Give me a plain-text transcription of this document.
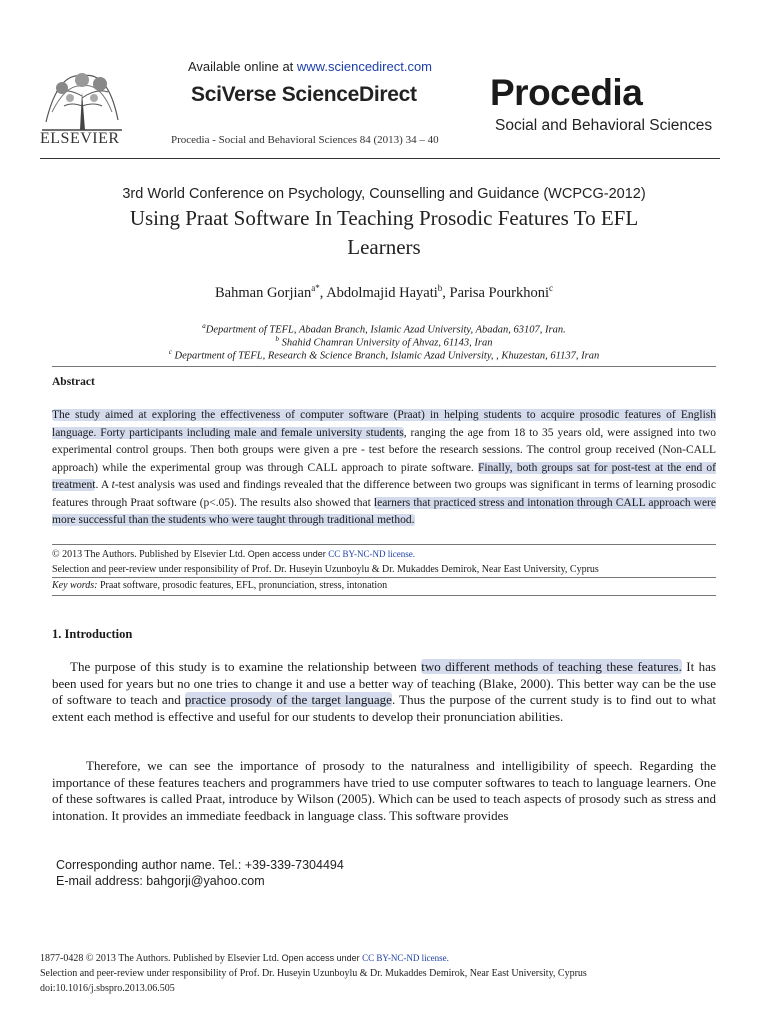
ELSEVIER
Available online at www.sciencedirect.com
SciVerse ScienceDirect
Procedia - Social and Behavioral Sciences 84 (2013) 34 – 40
Procedia
Social and Behavioral Sciences
3rd World Conference on Psychology, Counselling and Guidance (WCPCG-2012)
Using Praat Software In Teaching Prosodic Features To EFL
Learners
Bahman Gorjian$^{a*}$, Abdolmajid Hayati$^b$, Parisa Pourkhoni$^c$
$^a$Department of TEFL, Abadan Branch, Islamic Azad University, Abadan, 63107, Iran.
$^b$ Shahid Chamran University of Ahvaz, 61143, Iran
$^c$ Department of TEFL, Research & Science Branch, Islamic Azad University, , Khuzestan, 61137, Iran
Abstract
The study aimed at exploring the effectiveness of computer software (Praat) in helping students to acquire prosodic features of English language. Forty participants including male and female university students, ranging the age from 18 to 35 years old, were assigned into two experimental control groups. Then both groups were given a pre - test before the research sessions. The control group received (Non-CALL approach) while the experimental group was through CALL approach to pirate software. Finally, both groups sat for post-test at the end of treatment. A t-test analysis was used and findings revealed that the difference between two groups was significant in terms of learning prosodic features through Praat software (p<.05). The results also showed that learners that practiced stress and intonation through CALL approach were more successful than the students who were taught through traditional method.
© 2013 The Authors. Published by Elsevier Ltd. Open access under CC BY-NC-ND license.
Selection and peer-review under responsibility of Prof. Dr. Huseyin Uzunboylu & Dr. Mukaddes Demirok, Near East University, Cyprus
Key words: Praat software, prosodic features, EFL, pronunciation, stress, intonation
1. Introduction
The purpose of this study is to examine the relationship between two different methods of teaching these features. It has been used for years but no one tries to change it and use a better way of teaching (Blake, 2000). This better way can be the use of software to teach and practice prosody of the target language. Thus the purpose of the current study is to find out to what extent each method is effective and useful for our students to develop their pronunciation abilities.
Therefore, we can see the importance of prosody to the naturalness and intelligibility of speech. Regarding the importance of these features teachers and programmers have tried to use computer softwares to teach to language learners. One of these softwares is called Praat, introduce by Wilson (2005). Which can be used to teach aspects of prosody such as stress and intonation. It provides an immediate feedback in language class. This software provides
Corresponding author name. Tel.: +39-339-7304494
E-mail address: bahgorji@yahoo.com
1877-0428 © 2013 The Authors. Published by Elsevier Ltd. Open access under CC BY-NC-ND license.
Selection and peer-review under responsibility of Prof. Dr. Huseyin Uzunboylu & Dr. Mukaddes Demirok, Near East University, Cyprus
doi:10.1016/j.sbspro.2013.06.505
